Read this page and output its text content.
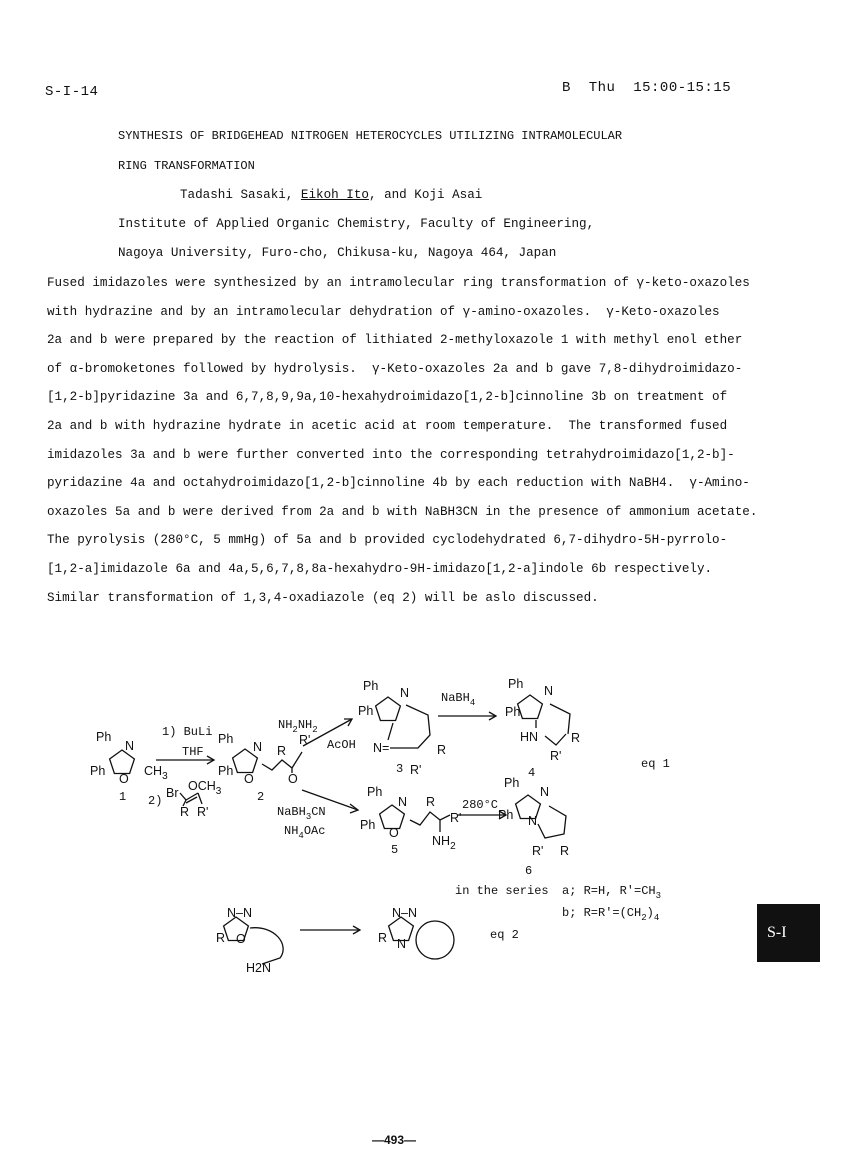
S-I-14	B  Thu  15:00-15:15
SYNTHESIS OF BRIDGEHEAD NITROGEN HETEROCYCLES UTILIZING INTRAMOLECULAR
RING TRANSFORMATION
Tadashi Sasaki, Eikoh Ito, and Koji Asai
Institute of Applied Organic Chemistry, Faculty of Engineering,
Nagoya University, Furo-cho, Chikusa-ku, Nagoya 464, Japan
Fused imidazoles were synthesized by an intramolecular ring transformation of γ-keto-oxazoles
with hydrazine and by an intramolecular dehydration of γ-amino-oxazoles.  γ-Keto-oxazoles
2a and b were prepared by the reaction of lithiated 2-methyloxazole 1 with methyl enol ether
of α-bromoketones followed by hydrolysis.  γ-Keto-oxazoles 2a and b gave 7,8-dihydroimidazo-
[1,2-b]pyridazine 3a and 6,7,8,9,9a,10-hexahydroimidazo[1,2-b]cinnoline 3b on treatment of
2a and b with hydrazine hydrate in acetic acid at room temperature.  The transformed fused
imidazoles 3a and b were further converted into the corresponding tetrahydroimidazo[1,2-b]-
pyridazine 4a and octahydroimidazo[1,2-b]cinnoline 4b by each reduction with NaBH4.  γ-Amino-
oxazoles 5a and b were derived from 2a and b with NaBH3CN in the presence of ammonium acetate.
The pyrolysis (280°C, 5 mmHg) of 5a and b provided cyclodehydrated 6,7-dihydro-5H-pyrrolo-
[1,2-a]imidazole 6a and 4a,5,6,7,8,8a-hexahydro-9H-imidazo[1,2-a]indole 6b respectively.
Similar transformation of 1,3,4-oxadiazole (eq 2) will be aslo discussed.
Ph
Ph
N
O
$CH_3$
1
1) BuLi
THF
2)
Br $OCH_3$
R R'
Ph
Ph
N
O
R
R'
O
2
$NH_2NH_2$
AcOH
NaBH$_3$CN
$NH_4OAc$
Ph
Ph
N
N=	R
R'
3
NaBH$_4$
Ph
Ph
N
HN	R
R'
4
eq 1
Ph
Ph
N
O
R
R'
$NH_2$
5
280°C
Ph
Ph
N
N
R' R
6
in the series a; R=H, $R'=CH_3$
b; $R=R'=(CH_2)_4$
N–N
R O
H2N
N–N
R N
eq 2	S-I
—493—
